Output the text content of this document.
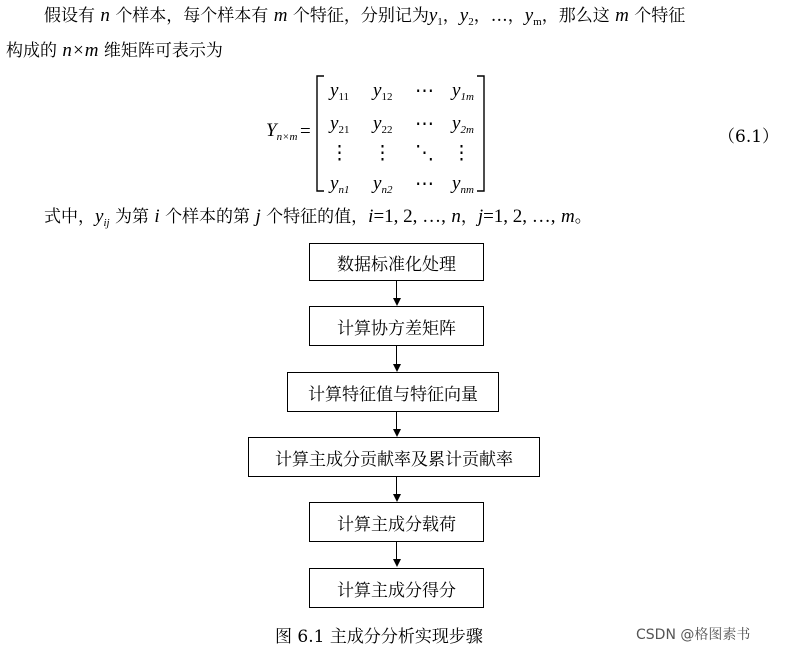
假设有 n 个样本，每个样本有 m 个特征，分别记为$y_1$，$y_2$，…，$y_m$，那么这 m 个特征
构成的 n×m 维矩阵可表示为
$Y_{n\times m}$ =
$y_{11}$ $y_{12}$ ⋯ $y_{1m}$
$y_{21}$ $y_{22}$ ⋯ $y_{2m}$
⋮ ⋮ ⋱ ⋮
$y_{n1}$ $y_{n2}$ ⋯ $y_{nm}$
（6.1）
式中，$y_{ij}$ 为第 i 个样本的第 j 个特征的值，i=1, 2, …, n，j=1, 2, …, m。
数据标准化处理
计算协方差矩阵
计算特征值与特征向量
计算主成分贡献率及累计贡献率
计算主成分载荷
计算主成分得分
图 6.1 主成分分析实现步骤	CSDN @格图素书
